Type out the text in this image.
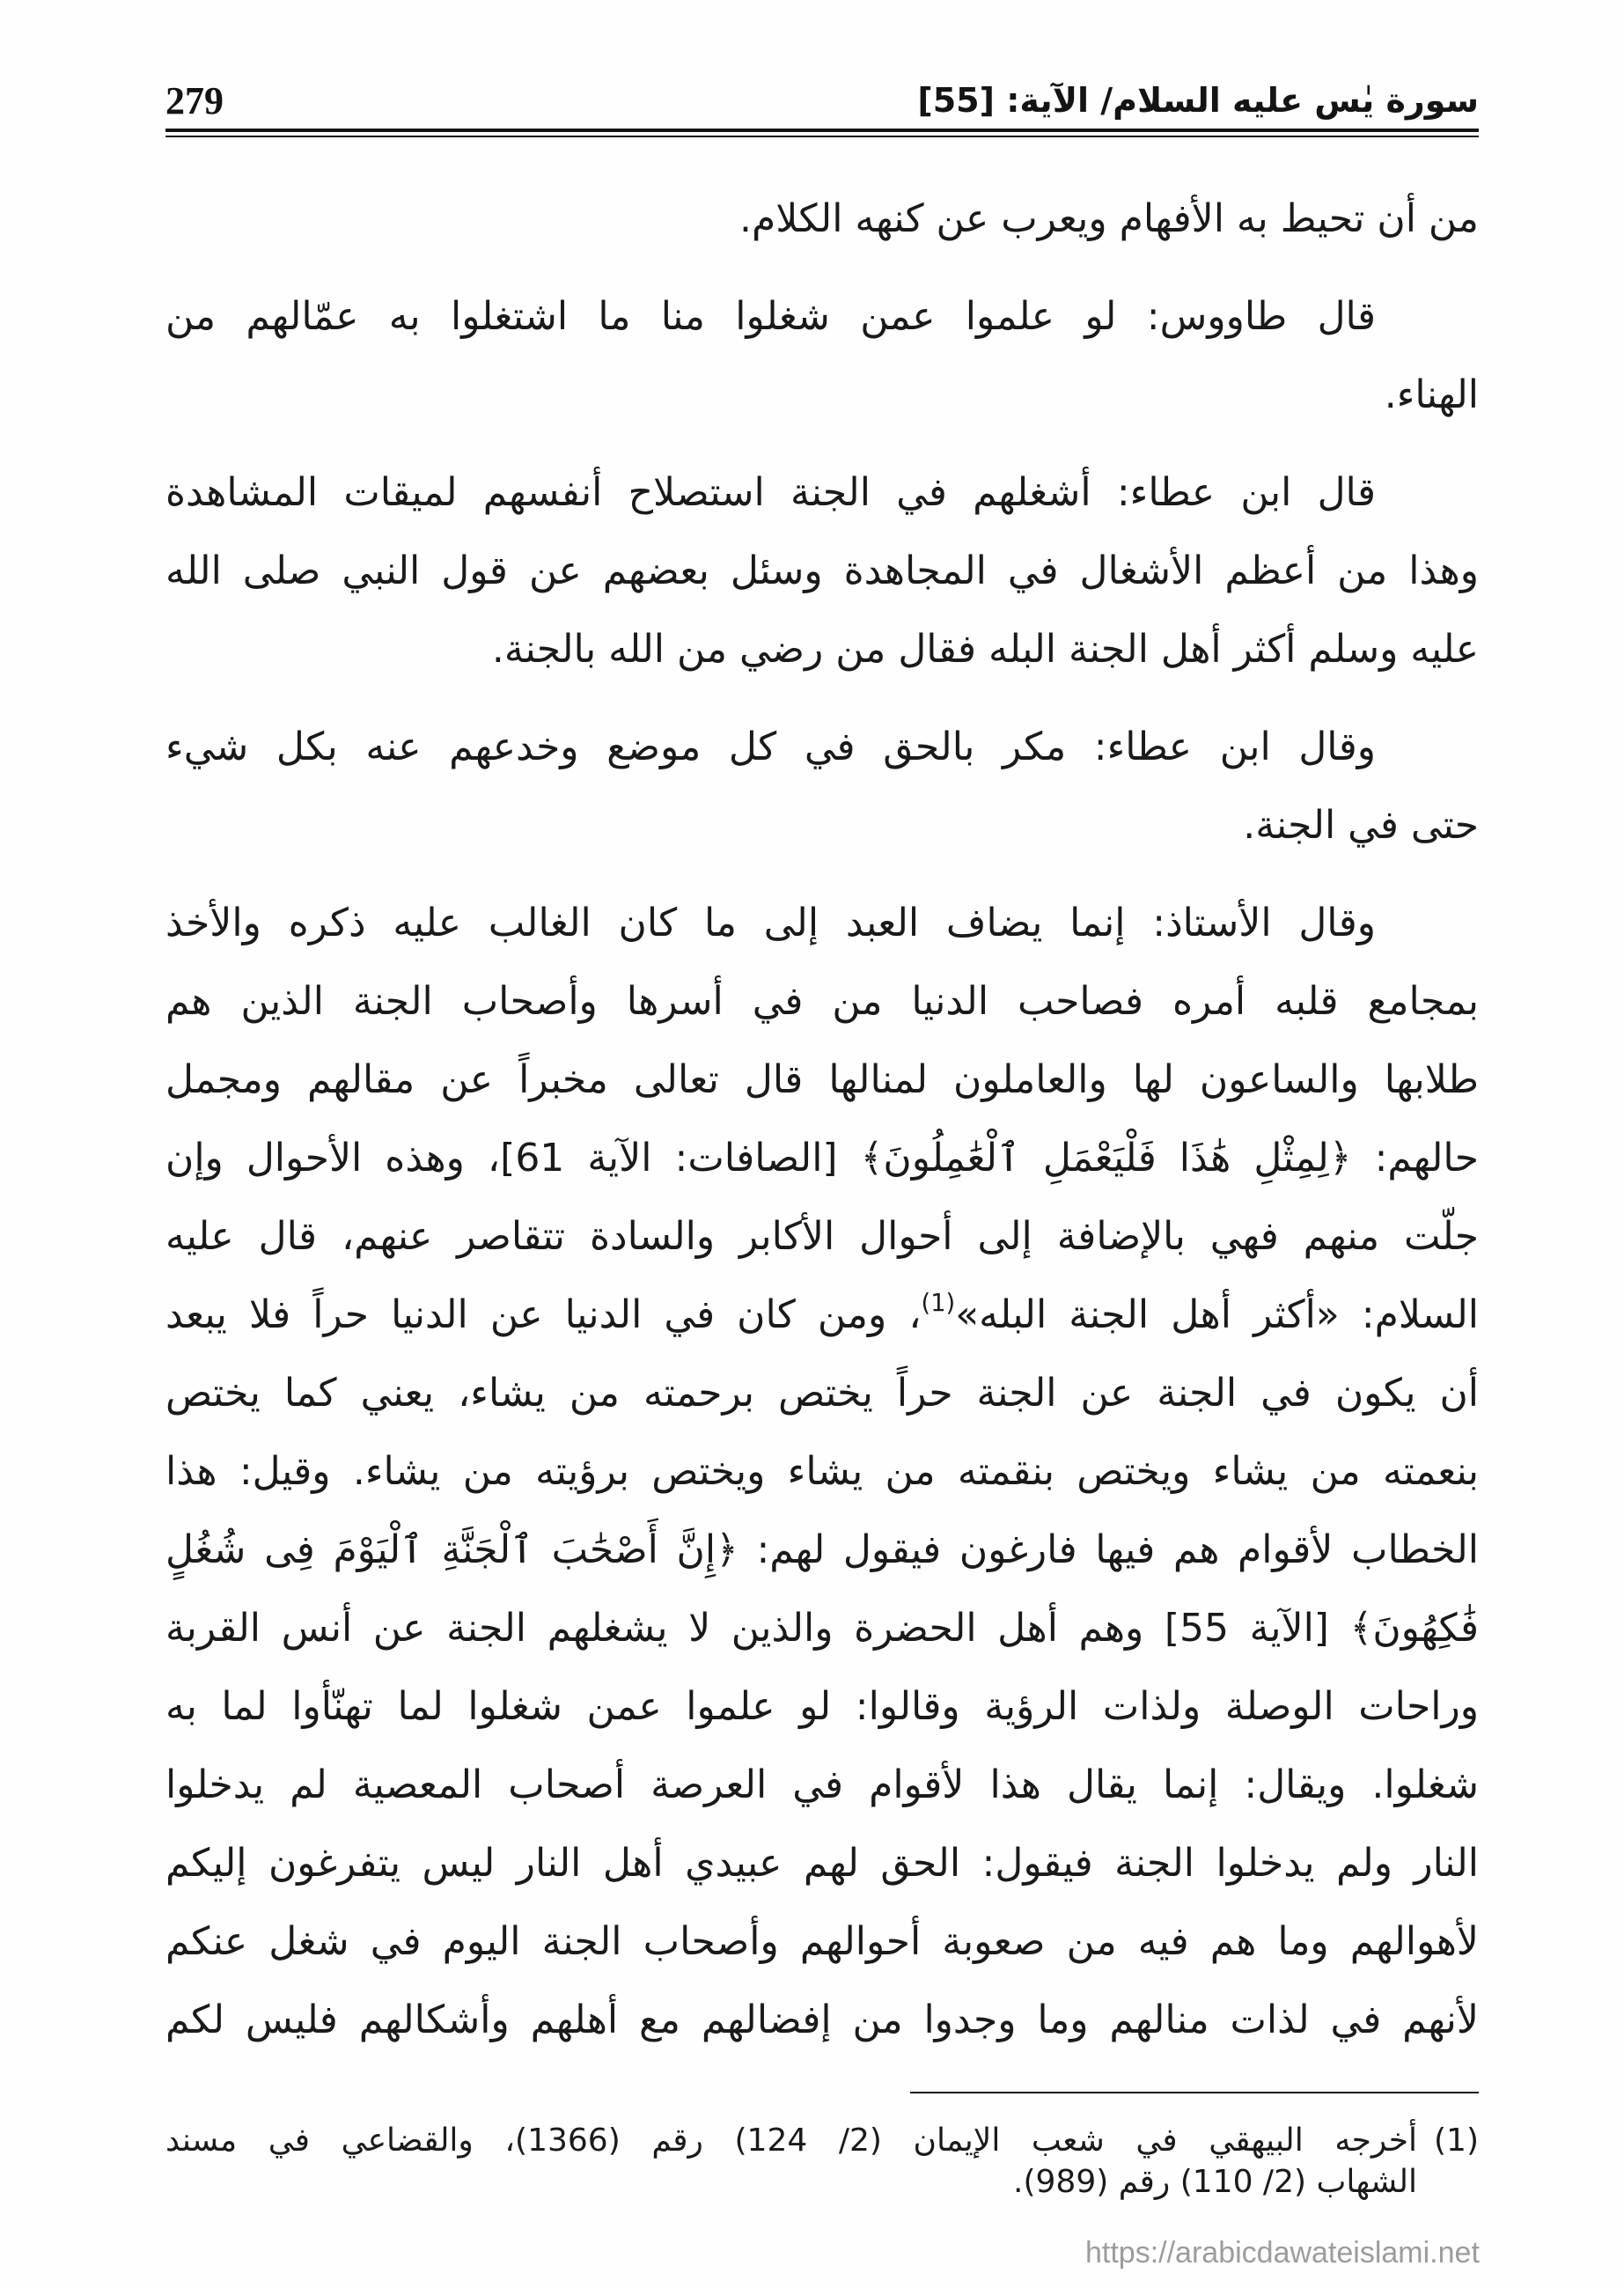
279	سورة يٰس عليه السلام/ الآية: [55]
من أن تحيط به الأفهام ويعرب عن كنهه الكلام.
قال طاووس: لو علموا عمن شغلوا منا ما اشتغلوا به عمّالهم من
الهناء.
قال ابن عطاء: أشغلهم في الجنة استصلاح أنفسهم لميقات المشاهدة
وهذا من أعظم الأشغال في المجاهدة وسئل بعضهم عن قول النبي صلى الله
عليه وسلم أكثر أهل الجنة البله فقال من رضي من الله بالجنة.
وقال ابن عطاء: مكر بالحق في كل موضع وخدعهم عنه بكل شيء
حتى في الجنة.
وقال الأستاذ: إنما يضاف العبد إلى ما كان الغالب عليه ذكره والأخذ
بمجامع قلبه أمره فصاحب الدنيا من في أسرها وأصحاب الجنة الذين هم
طلابها والساعون لها والعاملون لمنالها قال تعالى مخبراً عن مقالهم ومجمل
حالهم: ﴿لِمِثْلِ هَٰذَا فَلْيَعْمَلِ ٱلْعَٰمِلُونَ﴾ [الصافات: الآية 61]، وهذه الأحوال وإن
جلّت منهم فهي بالإضافة إلى أحوال الأكابر والسادة تتقاصر عنهم، قال عليه
السلام: «أكثر أهل الجنة البله»$^{(1)}$، ومن كان في الدنيا عن الدنيا حراً فلا يبعد
أن يكون في الجنة عن الجنة حراً يختص برحمته من يشاء، يعني كما يختص
بنعمته من يشاء ويختص بنقمته من يشاء ويختص برؤيته من يشاء. وقيل: هذا
الخطاب لأقوام هم فيها فارغون فيقول لهم: ﴿إِنَّ أَصْحَٰبَ ٱلْجَنَّةِ ٱلْيَوْمَ فِى شُغُلٍ
فَٰكِهُونَ﴾ [الآية 55] وهم أهل الحضرة والذين لا يشغلهم الجنة عن أنس القربة
وراحات الوصلة ولذات الرؤية وقالوا: لو علموا عمن شغلوا لما تهنّأوا لما به
شغلوا. ويقال: إنما يقال هذا لأقوام في العرصة أصحاب المعصية لم يدخلوا
النار ولم يدخلوا الجنة فيقول: الحق لهم عبيدي أهل النار ليس يتفرغون إليكم
لأهوالهم وما هم فيه من صعوبة أحوالهم وأصحاب الجنة اليوم في شغل عنكم
لأنهم في لذات منالهم وما وجدوا من إفضالهم مع أهلهم وأشكالهم فليس لكم
(1)
أخرجه البيهقي في شعب الإيمان (2/ 124) رقم (1366)، والقضاعي في مسند
الشهاب (2/ 110) رقم (989).
https://arabicdawateislami.net
